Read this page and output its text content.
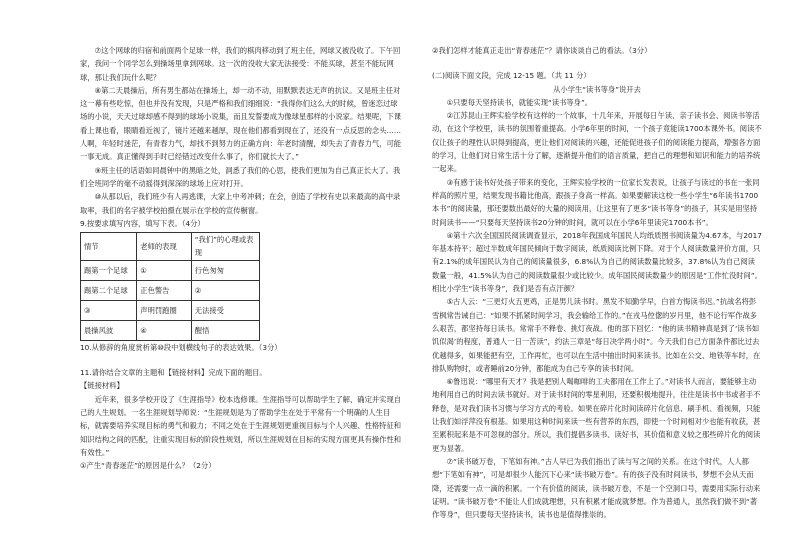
⑦这个网球的归宿和前面两个足球一样，我们的棋肉移动到了班主任，网球又被没收了。下午回家，我问一个同学怎么到操场里拿到网球。这一次的没收大家无法接受：不能买球，甚至不能玩网球，那让我们玩什么呢？

⑧第二天晨操后，所有男生都站在操场上，却一动不动，用默默表达无声的抗议。又是班主任对这一幕有些吃惊，但也并没有发现，只是严格和我们细细说：“我得你们这么大的时候，曾迷恋过球场的小说，天天过球却感不得到的球场小说集，而且发誓要成为像球星那样的小说家。结果呢，下课看上课也看，眼睛看近视了，镜片还越来越厚，现在他们都看到现在了，还没有一点反思的念头……人啊，年轻时迷茫，有青春力气，却找不到努力的正确方向：年老时清醒，却失去了青春力气，可能一事无成。真正懂得到手时已经错过改变什么事了，你们就长大了。”

⑨班主任的话语如同晨钟中的黑暗之处，洞悉了我们的心思，使我们更加为自己真正长大了。我们全班同学的毫不动摇得到深深的球场上应对打开。

⑩从那以后，我们班少有人再逃课，大家上中考冲刺；在会，创造了学校有史以来最高的高中录取率，我们的名字被学校拍摄在展示在学校的宣传橱窗。

9.按要求填写内容，填写下表。（4分）

情节	老师的表现	“我们”的心理或表现
踢第一个足球	①	行色匆匆
踢第二个足球	正色警告	②
③	声明罚跑圈	无法接受
晨操风波	④	醒悟

10.从修辞的角度赏析第⑩段中划横线句子的表达效果。（3分）

11.请你结合文章的主题和【链接材料】完成下面的题目。

【链接材料】

近年来，很多学校开设了《生涯指导》校本选修课。生涯指导可以帮助学生了解、确定并实现自己的人生规划。一名生涯规划导师说：“生涯规划是为了帮助学生在处于平常有一个明确的人生目标，就需要培养实现目标的勇气和毅力；不同之处在于生涯规划更重视目标与个人兴趣、性格特征和知识结构之间的匹配，注重实现目标的阶段性规划，所以生涯规划在目标的实现方面更具有操作性和有效性。”

①产生“青春迷茫”的原因是什么？（2分）

②我们怎样才能真正走出“青春迷茫”？请你谈谈自己的看法。（3分）

(二)阅读下面文段，完成 12-15 题。（共 11 分）

从小学生“读书等身”说开去

①只要每天坚持读书，就能实现“读书等身”。

②江苏昆山王辉实验学校有这样的一个故事，十几年来，开展每日午读、亲子读书会、阅读书等活动，在这个学校里，读书的氛围着重提高。小学6年里的时间，一个孩子竟能读1700本课外书。阅读不仅让孩子的理性认识得到提高，更让他们对阅读的兴趣，还能促进孩子们的阅读能力提高，增强各方面的学习，让他们对日常生活十分了解，逐渐提升他们的语言质量，把自己的理想和知识和能力的培养统一起来。

③有感于读书好处孩子带来的变化，王辉实验学校的一位家长发表说，让孩子与读过的书在一张同样高的照片里，结果发现书籍比他高，跟孩子身高一样高。如果要解读这校一些小学生“6年读书1700本书”的阅读量，那还要数出最好的大量的阅读用，让这里有了更多“读书等身”的孩子，其实是用坚持时间读书——“只要每天坚持读书20分钟的时间，就可以在小学6年里读完1700本书”。

④第十六次全国国民阅读调查显示，2018年我国成年国民人均纸质图书阅读量为4.67本，与2017年基本持平；超过半数成年国民倾向于数字阅读，纸质阅读比例下降。对于个人阅读数量评价方面，只有2.1%的成年国民认为自己的阅读量很多，6.8%认为自己的阅读数量比较多，37.8%认为自己阅读数量一般，41.5%认为自己的阅读数量很少或比较少。成年国民阅读数量少的原因是“工作忙没时间”。相比小学生“读书等身”，我们是否有点汗颜？

⑤古人云：“三更灯火五更鸡，正是男儿读书时。黑发不知勤学早，白首方悔读书迟。”抗战名将彭雪枫常告诫自己：“如果不抓紧时间学习，我会输给工作的。”在戎马倥偬的岁月里，他不论行军作战多么艰苦，都坚持每日读书。常常手不释卷、挑灯夜战。他的部下回忆：“他的读书精神真是到了‘读书如饥似渴’的程度，普通人一日一苦读”，约法三章是“每日决学两小时”。今天我们自己方面条件都比过去优越得多，如果能把有空，工作再忙，也可以在生活中抽出时间来读书。比如在公交、地铁等车时，在排队购物时，或者睡前20分钟，都能成为自己专享的读书时间。

⑥鲁迅说：“哪里有天才？我是把别人喝咖啡的工夫都用在工作上了。”对读书人而言，要能够主动地利用自己的时间去读书就好。对于读书时间的零星利用，还要积极地提升，往往是读书中书或者手不释卷，是对我们读书习惯与学习方式的考验。如果在碎片化时间读碎片化信息、刷手机、看视频，只能让我们如浮萍没有根基。如果用这种时间来读一些有营养的东西，即使一个时间相对少也能有收获，甚至累积起来是不可忽视的部分。所以，我们提倡多读书、读好书，其价值和意义较之那些碎片化的阅读更为显著。

⑦“读书破万卷，下笔如有神。”古人早已为我们指出了读与写之间的关系。在这个时代，人人都想“下笔如有神”，可是却很少人能沉下心来“读书破万卷”。有的孩子没有时间读书，梦想不会从天而降，还需要一点一滴的积累。一个有价值的阅读，读书破万卷，不是一个空洞口号，需要用实际行动来证明。“读书破万卷”不能让人们成就理想，只有积累才能成就梦想。作为普通人，虽然我们做不到“著作等身”，但只要每天坚持读书，读书也是值得推崇的。
